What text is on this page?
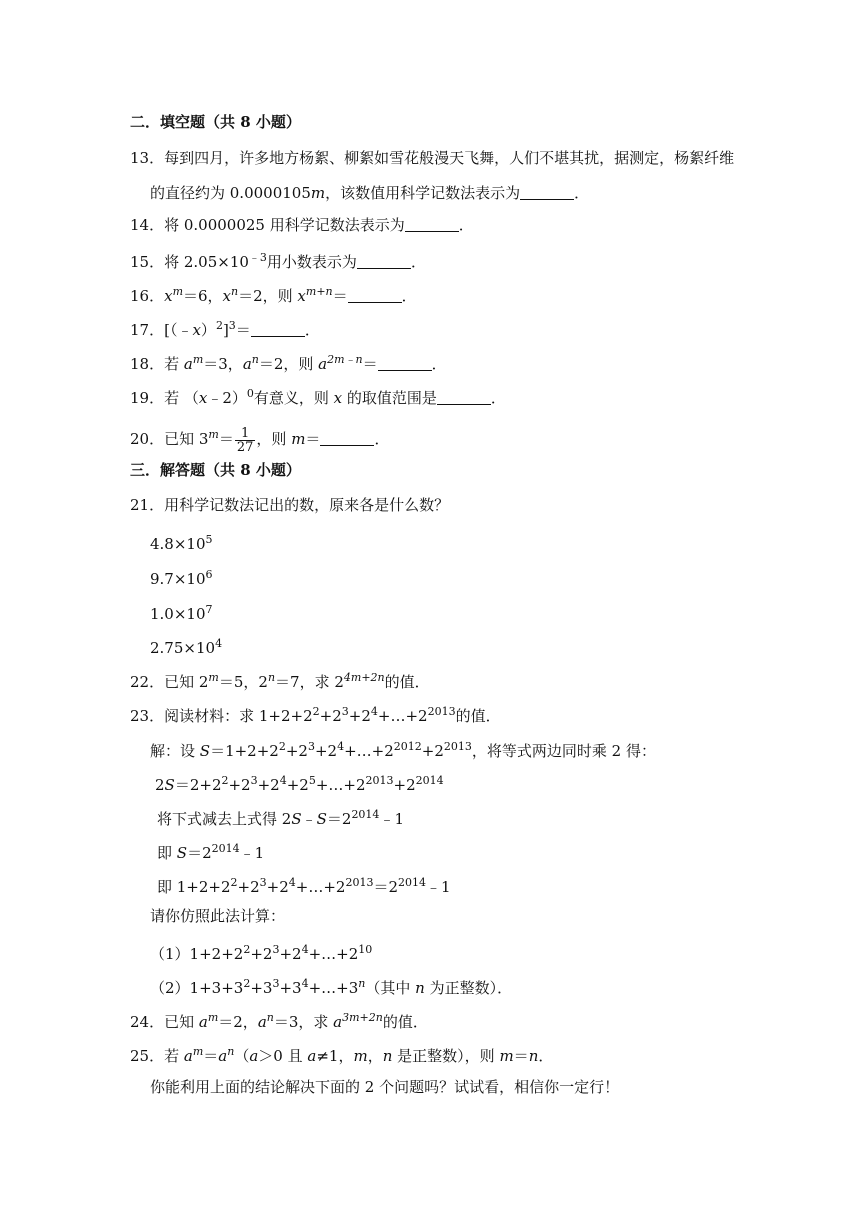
二．填空题（共 8 小题）
13．每到四月，许多地方杨絮、柳絮如雪花般漫天飞舞，人们不堪其扰，据测定，杨絮纤维
的直径约为 0.0000105m，该数值用科学记数法表示为	．
14．将 0.0000025 用科学记数法表示为	．
15．将 $2.05\times 10^{﹣3}$用小数表示为	．
16．$x^m=6$，$x^n=2$，则 $x^{m+n}=$	．
17．[（﹣x）$^2$]$^3$＝	．
18．若 $a^m=3$，$a^n=2$，则 $a^{2m﹣n}=$	．
19．若 （x﹣2）$^0$有意义，则 x 的取值范围是	．
20．已知 $3^m= \frac{1}{27}$ ，则 m＝	．
三．解答题（共 8 小题）
21．用科学记数法记出的数，原来各是什么数？
$4.8\times 10^5$
$9.7\times 10^6$
$1.0\times 10^7$
$2.75\times 10^4$
22．已知 $2^m=5$，$2^n=7$，求 $2^{4m+2n}$的值．
23．阅读材料：求 $1+2+2^2+2^3+2^4+\dots+2^{2013}$的值．
解：设 $S=1+2+2^2+2^3+2^4+\dots+2^{2012}+2^{2013}$，将等式两边同时乘 2 得：
$2S=2+2^2+2^3+2^4+2^5+\dots+2^{2013}+2^{2014}$
将下式减去上式得 $2S﹣S=2^{2014}﹣1$
即 $S=2^{2014}﹣1$
即 $1+2+2^2+2^3+2^4+\dots+2^{2013}=2^{2014}﹣1$
请你仿照此法计算：
$(1)1+2+2^2+2^3+2^4+\dots+2^{10}$
$(2)1+3+3^2+3^3+3^4+\dots+3^n$（其中 n 为正整数）．
24．已知 $a^m=2$，$a^n=3$，求 $a^{3m+2n}$的值．
25．若 $a^m=a^n(a>0$ 且 a≠1，m，n 是正整数），则 m＝n．
你能利用上面的结论解决下面的 2 个问题吗？试试看，相信你一定行！
